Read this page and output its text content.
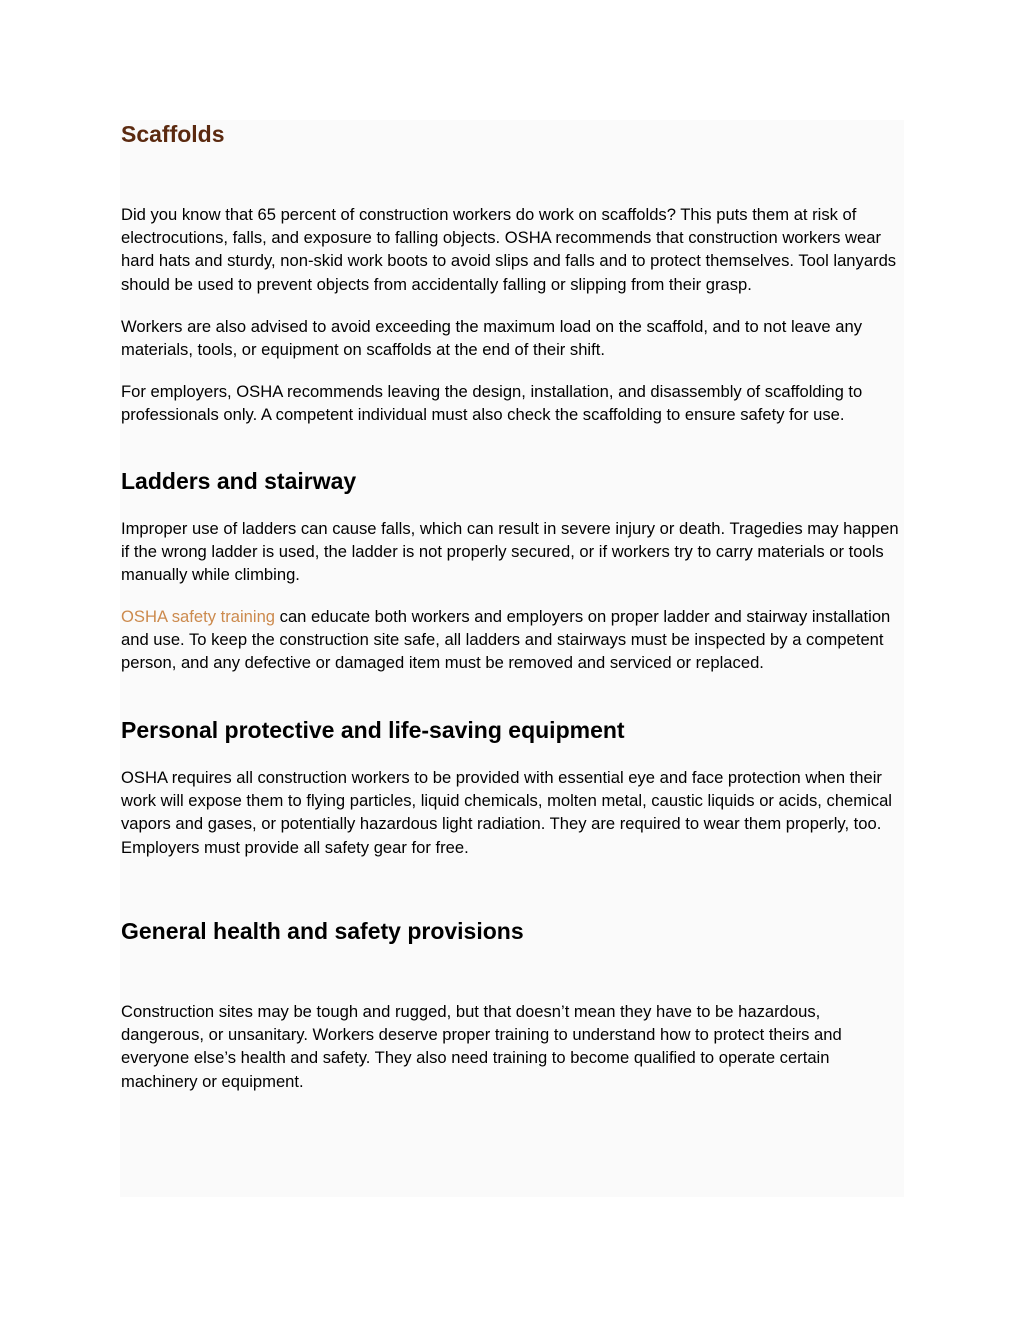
Scaffolds

Did you know that 65 percent of construction workers do work on scaffolds? This puts them at risk of electrocutions, falls, and exposure to falling objects. OSHA recommends that construction workers wear hard hats and sturdy, non-skid work boots to avoid slips and falls and to protect themselves. Tool lanyards should be used to prevent objects from accidentally falling or slipping from their grasp.

Workers are also advised to avoid exceeding the maximum load on the scaffold, and to not leave any materials, tools, or equipment on scaffolds at the end of their shift.

For employers, OSHA recommends leaving the design, installation, and disassembly of scaffolding to professionals only. A competent individual must also check the scaffolding to ensure safety for use.

Ladders and stairway

Improper use of ladders can cause falls, which can result in severe injury or death. Tragedies may happen if the wrong ladder is used, the ladder is not properly secured, or if workers try to carry materials or tools manually while climbing.

OSHA safety training can educate both workers and employers on proper ladder and stairway installation and use. To keep the construction site safe, all ladders and stairways must be inspected by a competent person, and any defective or damaged item must be removed and serviced or replaced.

Personal protective and life-saving equipment

OSHA requires all construction workers to be provided with essential eye and face protection when their work will expose them to flying particles, liquid chemicals, molten metal, caustic liquids or acids, chemical vapors and gases, or potentially hazardous light radiation. They are required to wear them properly, too. Employers must provide all safety gear for free.

General health and safety provisions

Construction sites may be tough and rugged, but that doesn’t mean they have to be hazardous, dangerous, or unsanitary. Workers deserve proper training to understand how to protect theirs and everyone else’s health and safety. They also need training to become qualified to operate certain machinery or equipment.
